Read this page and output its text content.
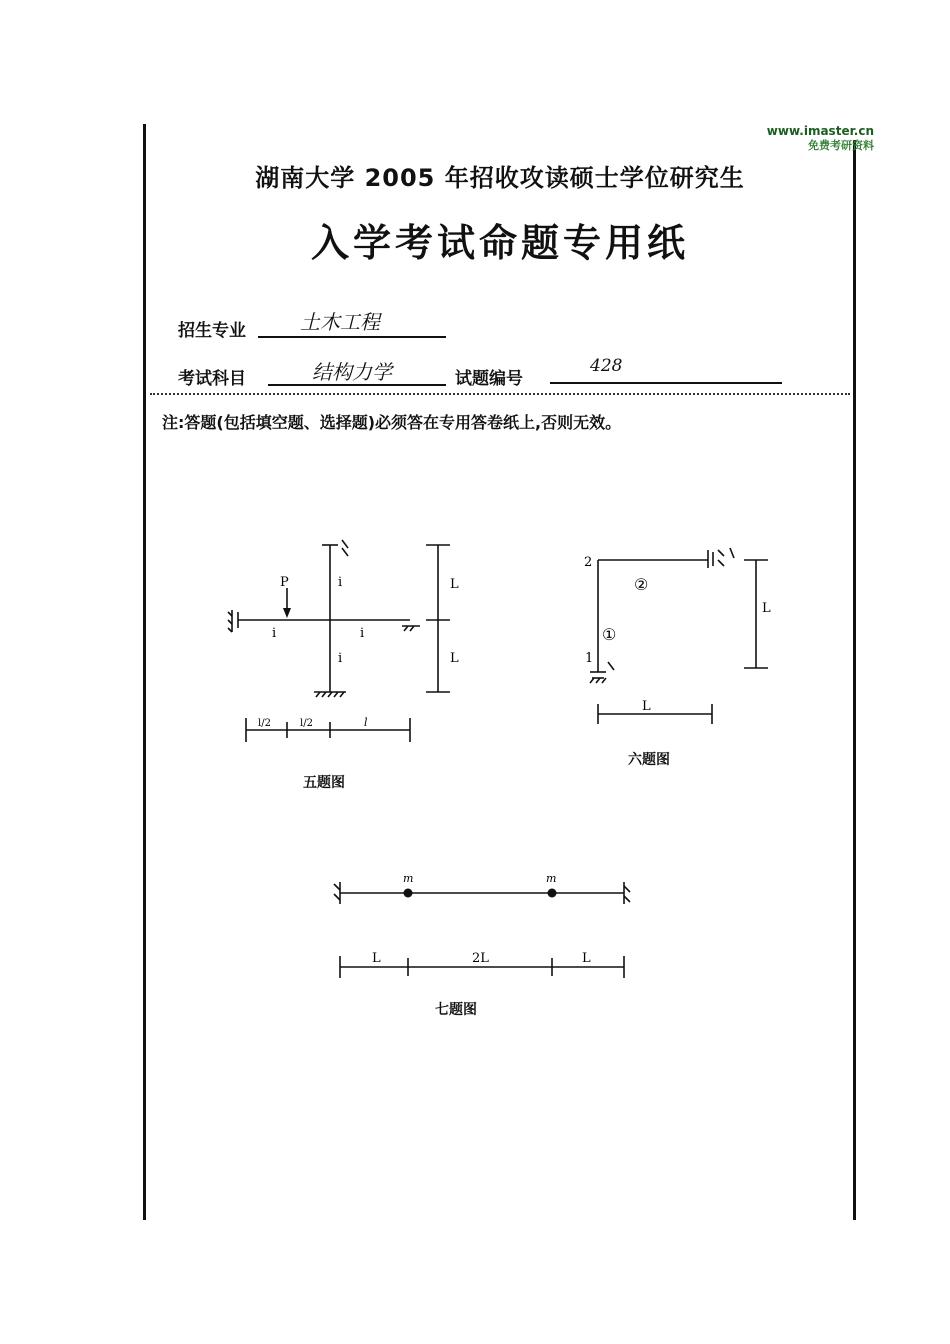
www.imaster.cn
免费考研资料
湖南大学 2005 年招收攻读硕士学位研究生
入学考试命题专用纸
招生专业	土木工程
考试科目	结构力学	试题编号
428
注:答题(包括填空题、选择题)必须答在专用答卷纸上,否则无效。
P	i
i	i
i
L
L
l/2	l/2	l
五题图
2
1
②
①
L
L
六题图
m	m
L	2L	L
七题图
